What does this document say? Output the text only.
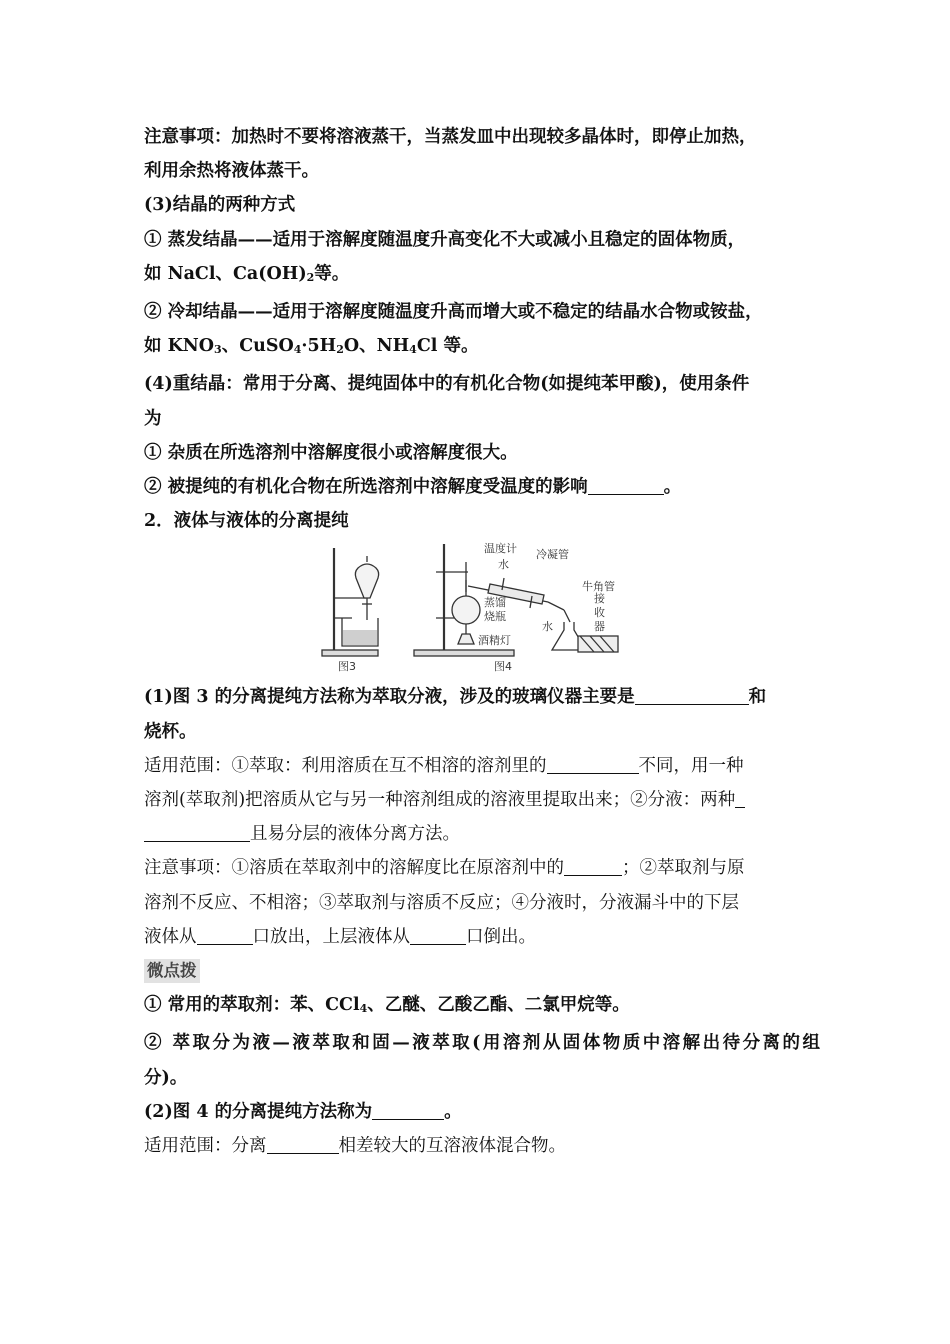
注意事项：加热时不要将溶液蒸干，当蒸发皿中出现较多晶体时，即停止加热，
利用余热将液体蒸干。
(3)结晶的两种方式
① 蒸发结晶——适用于溶解度随温度升高变化不大或减小且稳定的固体物质，
如 NaCl、$Ca(OH)_2$等。
② 冷却结晶——适用于溶解度随温度升高而增大或不稳定的结晶水合物或铵盐，
如 $KNO_3$、$CuSO_4\cdot 5H_2O$、$NH_4Cl$ 等。
(4)重结晶：常用于分离、提纯固体中的有机化合物(如提纯苯甲酸)，使用条件
为
① 杂质在所选溶剂中溶解度很小或溶解度很大。
② 被提纯的有机化合物在所选溶剂中溶解度受温度的影响	。
2．液体与液体的分离提纯
图3
温度计
水
冷凝管
牛角管
蒸馏
烧瓶
水
接
收
器
酒精灯
图4
(1)图 3 的分离提纯方法称为萃取分液，涉及的玻璃仪器主要是	和
烧杯。
适用范围：①萃取：利用溶质在互不相溶的溶剂里的	不同，用一种
溶剂(萃取剂)把溶质从它与另一种溶剂组成的溶液里提取出来；②分液：两种
且易分层的液体分离方法。
注意事项：①溶质在萃取剂中的溶解度比在原溶剂中的	；②萃取剂与原
溶剂不反应、不相溶；③萃取剂与溶质不反应；④分液时，分液漏斗中的下层
液体从	口放出，上层液体从	口倒出。
微点拨
① 常用的萃取剂：苯、CCl$_4$、乙醚、乙酸乙酯、二氯甲烷等。
② 萃取分为液—液萃取和固—液萃取(用溶剂从固体物质中溶解出待分离的组
分)。
(2)图 4 的分离提纯方法称为	。
适用范围：分离	相差较大的互溶液体混合物。
